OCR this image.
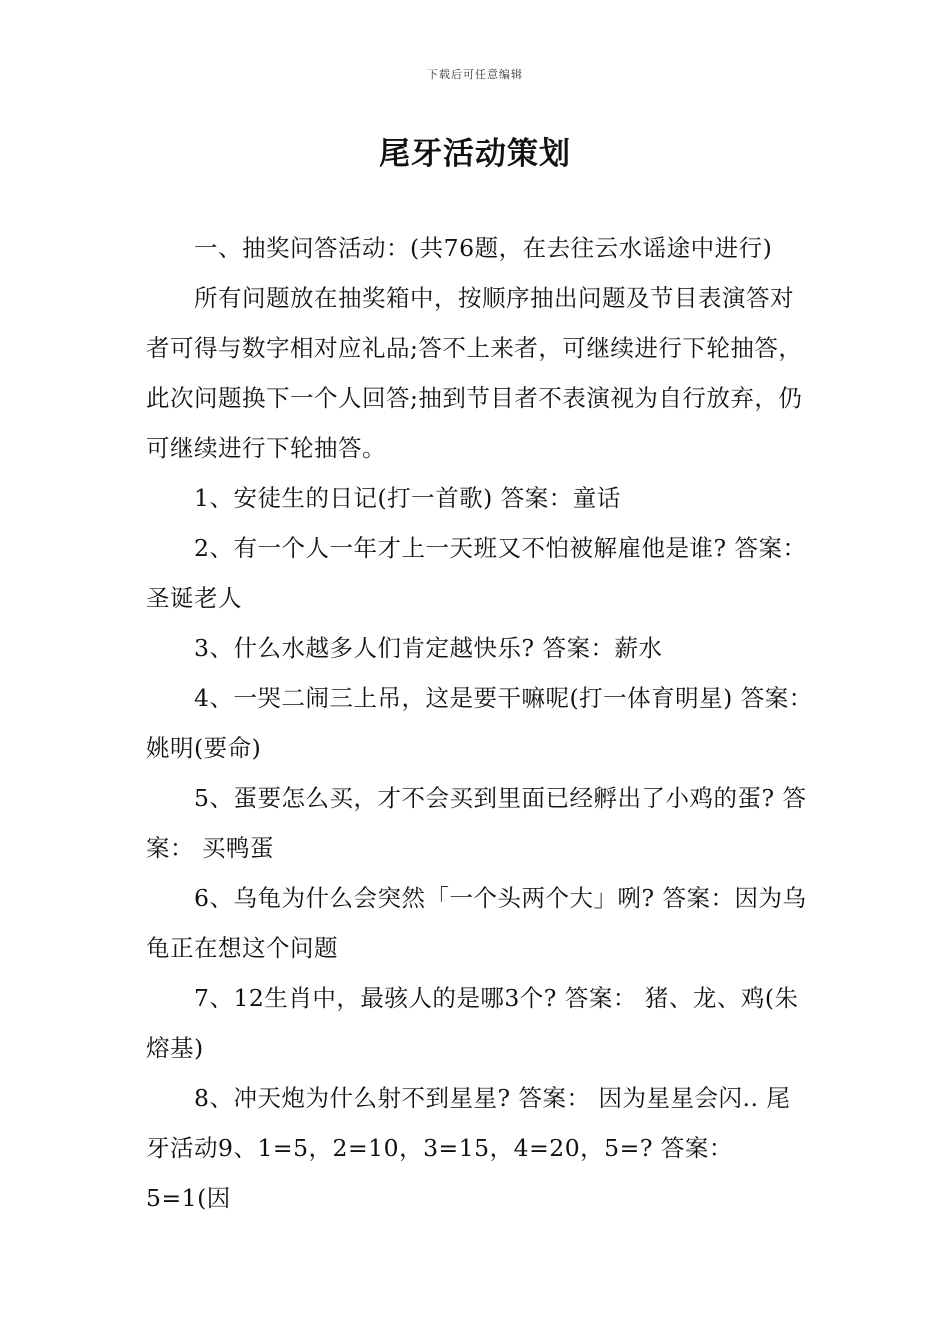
下载后可任意编辑
尾牙活动策划

一、抽奖问答活动：(共76题，在去往云水谣途中进行)

所有问题放在抽奖箱中，按顺序抽出问题及节目表演答对者可得与数字相对应礼品;答不上来者，可继续进行下轮抽答，此次问题换下一个人回答;抽到节目者不表演视为自行放弃，仍可继续进行下轮抽答。

1、安徒生的日记(打一首歌) 答案：童话

2、有一个人一年才上一天班又不怕被解雇他是谁? 答案：圣诞老人

3、什么水越多人们肯定越快乐? 答案：薪水

4、一哭二闹三上吊，这是要干嘛呢(打一体育明星) 答案：姚明(要命)

5、蛋要怎么买，才不会买到里面已经孵出了小鸡的蛋? 答案： 买鸭蛋

6、乌龟为什么会突然「一个头两个大」咧? 答案：因为乌龟正在想这个问题

7、12生肖中，最骇人的是哪3个? 答案： 猪、龙、鸡(朱熔基)

8、冲天炮为什么射不到星星? 答案： 因为星星会闪.. 尾牙活动9、1=5，2=10，3=15，4=20，5=? 答案：5=1(因
